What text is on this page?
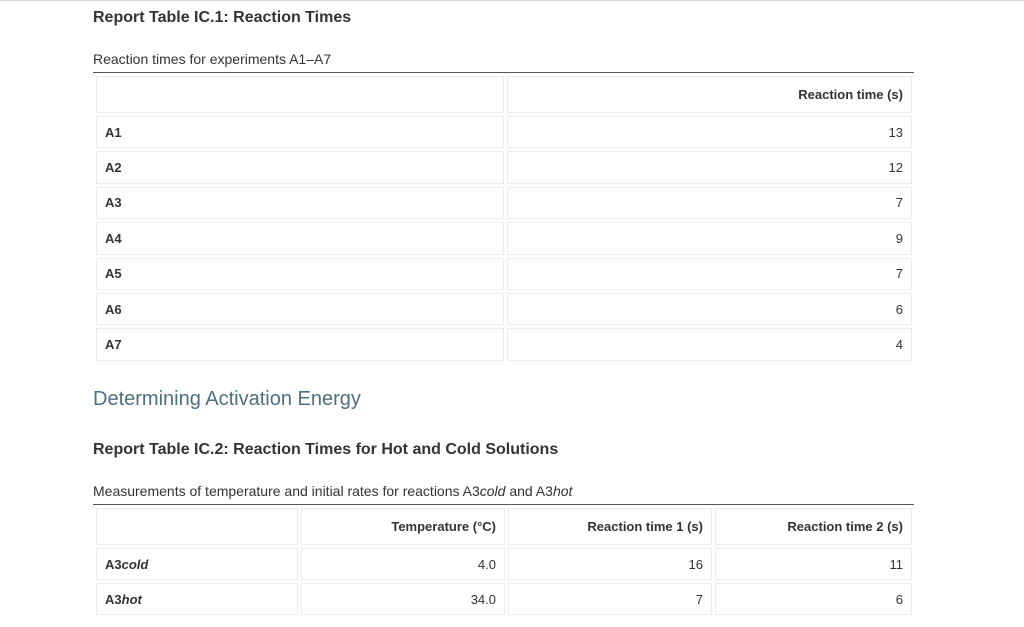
Report Table IC.1: Reaction Times

Reaction times for experiments A1–A7

	Reaction time (s)
A1	13
A2	12
A3	7
A4	9
A5	7
A6	6
A7	4
Determining Activation Energy
Report Table IC.2: Reaction Times for Hot and Cold Solutions

Measurements of temperature and initial rates for reactions A3cold and A3hot

	Temperature (°C)	Reaction time 1 (s)	Reaction time 2 (s)
A3cold	4.0	16	11
A3hot	34.0	7	6
